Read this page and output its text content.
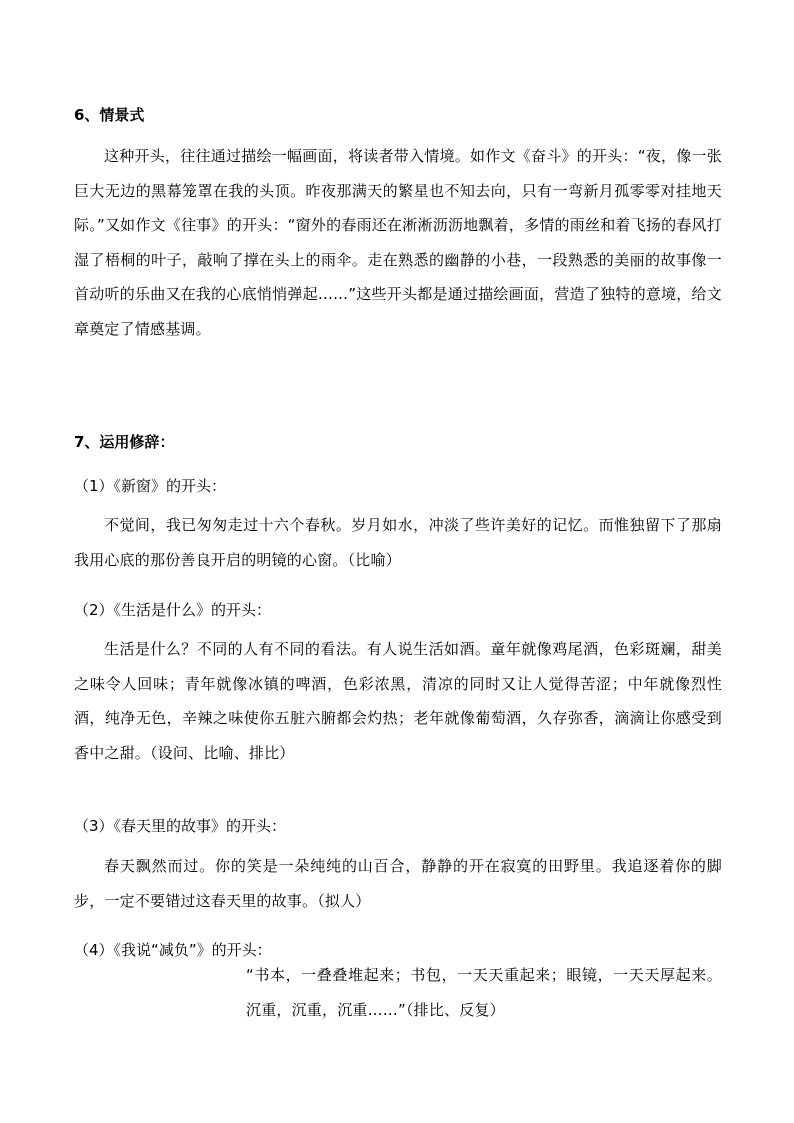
6、情景式
这种开头，往往通过描绘一幅画面，将读者带入情境。如作文《奋斗》的开头：“夜，像一张巨大无边的黑幕笼罩在我的头顶。昨夜那满天的繁星也不知去向，只有一弯新月孤零零对挂地天际。”又如作文《往事》的开头：“窗外的春雨还在淅淅沥沥地飘着，多情的雨丝和着飞扬的春风打湿了梧桐的叶子，敲响了撑在头上的雨伞。走在熟悉的幽静的小巷，一段熟悉的美丽的故事像一首动听的乐曲又在我的心底悄悄弹起……”这些开头都是通过描绘画面，营造了独特的意境，给文章奠定了情感基调。
7、运用修辞：
（1）《新窗》的开头：
不觉间，我已匆匆走过十六个春秋。岁月如水，冲淡了些许美好的记忆。而惟独留下了那扇我用心底的那份善良开启的明镜的心窗。（比喻）
（2）《生活是什么》的开头：
生活是什么？不同的人有不同的看法。有人说生活如酒。童年就像鸡尾酒，色彩斑斓，甜美之味令人回味；青年就像冰镇的啤酒，色彩浓黑，清凉的同时又让人觉得苦涩；中年就像烈性酒，纯净无色，辛辣之味使你五脏六腑都会灼热；老年就像葡萄酒，久存弥香，滴滴让你感受到香中之甜。（设问、比喻、排比）
（3）《春天里的故事》的开头：
春天飘然而过。你的笑是一朵纯纯的山百合，静静的开在寂寞的田野里。我追逐着你的脚步，一定不要错过这春天里的故事。（拟人）
（4）《我说“减负”》的开头：
“书本，一叠叠堆起来；书包，一天天重起来；眼镜，一天天厚起来。沉重，沉重，沉重……”（排比、反复）
